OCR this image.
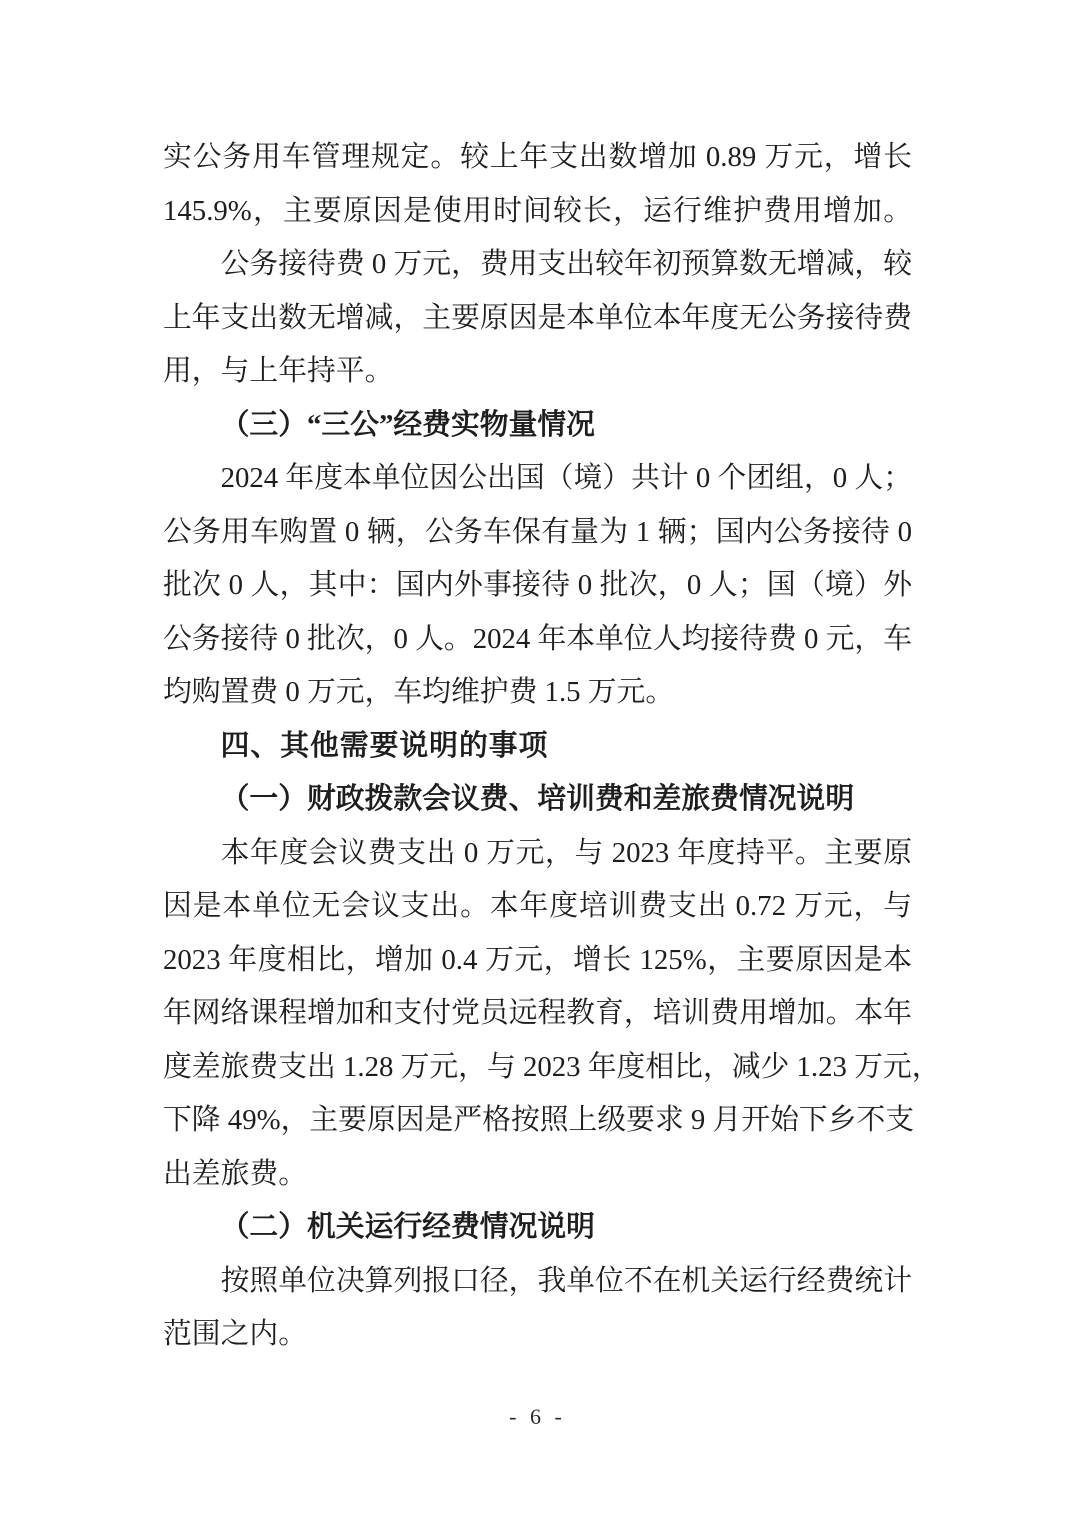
实公务用车管理规定。较上年支出数增加 0.89 万元，增长
145.9%，主要原因是使用时间较长，运行维护费用增加。
公务接待费 0 万元，费用支出较年初预算数无增减，较
上年支出数无增减，主要原因是本单位本年度无公务接待费
用，与上年持平。
（三）“三公”经费实物量情况
2024 年度本单位因公出国（境）共计 0 个团组，0 人；
公务用车购置 0 辆，公务车保有量为 1 辆；国内公务接待 0
批次 0 人，其中：国内外事接待 0 批次，0 人；国（境）外
公务接待 0 批次，0 人。2024 年本单位人均接待费 0 元，车
均购置费 0 万元，车均维护费 1.5 万元。
四、其他需要说明的事项
（一）财政拨款会议费、培训费和差旅费情况说明
本年度会议费支出 0 万元，与 2023 年度持平。主要原
因是本单位无会议支出。本年度培训费支出 0.72 万元，与
2023 年度相比，增加 0.4 万元，增长 125%，主要原因是本
年网络课程增加和支付党员远程教育，培训费用增加。本年
度差旅费支出 1.28 万元，与 2023 年度相比，减少 1.23 万元，
下降 49%，主要原因是严格按照上级要求 9 月开始下乡不支
出差旅费。
（二）机关运行经费情况说明
按照单位决算列报口径，我单位不在机关运行经费统计
范围之内。
- 6 -
